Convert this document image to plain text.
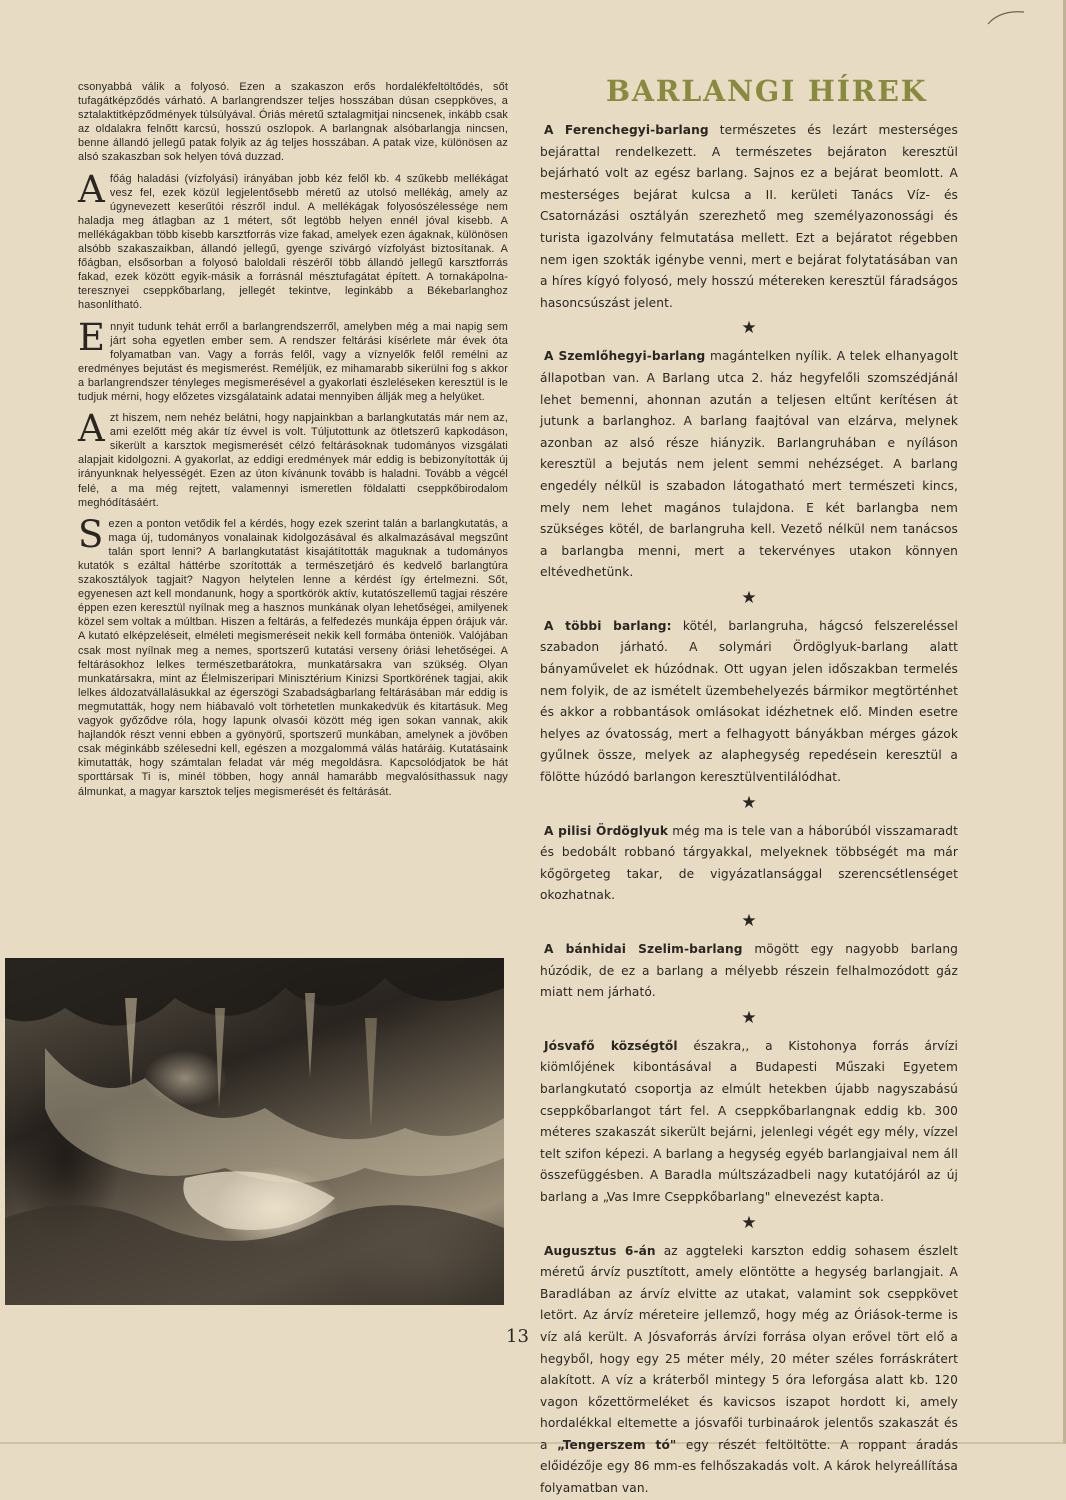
csonyabbá válik a folyosó. Ezen a szakaszon erős hordalékfeltöltődés, sőt tufagátképződés várható. A barlangrendszer teljes hosszában dúsan cseppköves, a sztalaktitképződmények túlsúlyával. Óriás méretű sztalagmitjai nincsenek, inkább csak az oldalakra felnőtt karcsú, hosszú oszlopok. A barlangnak alsóbarlangja nincsen, benne állandó jellegű patak folyik az ág teljes hosszában. A patak vize, különösen az alsó szakaszban sok helyen tóvá duzzad.

A főág haladási (vízfolyási) irányában jobb kéz felől kb. 4 szűkebb mellékágat vesz fel, ezek közül legjelentősebb méretű az utolsó mellékág, amely az úgynevezett keserűtói részről indul. A mellékágak folyosószélessége nem haladja meg átlagban az 1 métert, sőt legtöbb helyen ennél jóval kisebb. A mellékágakban több kisebb karsztforrás vize fakad, amelyek ezen ágaknak, különösen alsóbb szakaszaikban, állandó jellegű, gyenge szivárgó vízfolyást biztosítanak. A főágban, elsősorban a folyosó baloldali részéről több állandó jellegű karsztforrás fakad, ezek között egyik-másik a forrásnál mésztufagátat épített. A tornakápolna-teresznyei cseppkőbarlang, jellegét tekintve, leginkább a Békebarlanghoz hasonlítható.

Ennyit tudunk tehát erről a barlangrendszerről, amelyben még a mai napig sem járt soha egyetlen ember sem. A rendszer feltárási kísérlete már évek óta folyamatban van. Vagy a forrás felől, vagy a víznyelők felől remélni az eredményes bejutást és megismerést. Reméljük, ez mihamarabb sikerülni fog s akkor a barlangrendszer tényleges megismerésével a gyakorlati észleléseken keresztül is le tudjuk mérni, hogy előzetes vizsgálataink adatai mennyiben állják meg a helyüket.

Azt hiszem, nem nehéz belátni, hogy napjainkban a barlangkutatás már nem az, ami ezelőtt még akár tíz évvel is volt. Túljutottunk az ötletszerű kapkodáson, sikerült a karsztok megismerését célzó feltárásoknak tudományos vizsgálati alapjait kidolgozni. A gyakorlat, az eddigi eredmények már eddig is bebizonyították új irányunknak helyességét. Ezen az úton kívánunk tovább is haladni. Tovább a végcél felé, a ma még rejtett, valamennyi ismeretlen földalatti cseppkőbirodalom meghódításáért.

Sezen a ponton vetődik fel a kérdés, hogy ezek szerint talán a barlangkutatás, a maga új, tudományos vonalainak kidolgozásával és alkalmazásával megszűnt talán sport lenni? A barlangkutatást kisajátították maguknak a tudományos kutatók s ezáltal háttérbe szorították a természetjáró és kedvelő barlangtúra szakosztályok tagjait? Nagyon helytelen lenne a kérdést így értelmezni. Sőt, egyenesen azt kell mondanunk, hogy a sportkörök aktív, kutatószellemű tagjai részére éppen ezen keresztül nyílnak meg a hasznos munkának olyan lehetőségei, amilyenek közel sem voltak a múltban. Hiszen a feltárás, a felfedezés munkája éppen órájuk vár. A kutató elképzeléseit, elméleti megismeréseit nekik kell formába önteniök. Valójában csak most nyílnak meg a nemes, sportszerű kutatási verseny óriási lehetőségei. A feltárásokhoz lelkes természetbarátokra, munkatársakra van szükség. Olyan munkatársakra, mint az Élelmiszeripari Minisztérium Kinizsi Sportkörének tagjai, akik lelkes áldozatvállalásukkal az égerszögi Szabadságbarlang feltárásában már eddig is megmutatták, hogy nem hiábavaló volt törhetetlen munkakedvük és kitartásuk. Meg vagyok győződve róla, hogy lapunk olvasói között még igen sokan vannak, akik hajlandók részt venni ebben a gyönyörű, sportszerű munkában, amelynek a jövőben csak méginkább szélesedni kell, egészen a mozgalommá válás határáig. Kutatásaink kimutatták, hogy számtalan feladat vár még megoldásra. Kapcsolódjatok be hát sporttársak Ti is, minél többen, hogy annál hamarább megvalósíthassuk nagy álmunkat, a magyar karsztok teljes megismerését és feltárását.

BARLANGI HÍREK

A Ferenchegyi-barlang természetes és lezárt mesterséges bejárattal rendelkezett. A természetes bejáraton keresztül bejárható volt az egész barlang. Sajnos ez a bejárat beomlott. A mesterséges bejárat kulcsa a II. kerületi Tanács Víz- és Csatornázási osztályán szerezhető meg személyazonossági és turista igazolvány felmutatása mellett. Ezt a bejáratot régebben nem igen szokták igénybe venni, mert e bejárat folytatásában van a híres kígyó folyosó, mely hosszú métereken keresztül fáradságos hasoncsúszást jelent.

★

A Szemlőhegyi-barlang magántelken nyílik. A telek elhanyagolt állapotban van. A Barlang utca 2. ház hegyfelőli szomszédjánál lehet bemenni, ahonnan azután a teljesen eltűnt kerítésen át jutunk a barlanghoz. A barlang faajtóval van elzárva, melynek azonban az alsó része hiányzik. Barlangruhában e nyíláson keresztül a bejutás nem jelent semmi nehézséget. A barlang engedély nélkül is szabadon látogatható mert természeti kincs, mely nem lehet magános tulajdona. E két barlangba nem szükséges kötél, de barlangruha kell. Vezető nélkül nem tanácsos a barlangba menni, mert a tekervényes utakon könnyen eltévedhetünk.

★

A többi barlang: kötél, barlangruha, hágcsó felszereléssel szabadon járható. A solymári Ördöglyuk-barlang alatt bányaművelet ek húzódnak. Ott ugyan jelen időszakban termelés nem folyik, de az ismételt üzembehelyezés bármikor megtörténhet és akkor a robbantások omlásokat idézhetnek elő. Minden esetre helyes az óvatosság, mert a felhagyott bányákban mérges gázok gyűlnek össze, melyek az alaphegység repedésein keresztül a fölötte húzódó barlangon keresztülventilálódhat.

★

A pilisi Ördöglyuk még ma is tele van a háborúból visszamaradt és bedobált robbanó tárgyakkal, melyeknek többségét ma már kőgörgeteg takar, de vigyázatlansággal szerencsétlenséget okozhatnak.

★

A bánhidai Szelim-barlang mögött egy nagyobb barlang húzódik, de ez a barlang a mélyebb részein felhalmozódott gáz miatt nem járható.

★

Jósvafő községtől északra,, a Kistohonya forrás árvízi kiömlőjének kibontásával a Budapesti Műszaki Egyetem barlangkutató csoportja az elmúlt hetekben újabb nagyszabású cseppkőbarlangot tárt fel. A cseppkőbarlangnak eddig kb. 300 méteres szakaszát sikerült bejárni, jelenlegi végét egy mély, vízzel telt szifon képezi. A barlang a hegység egyéb barlangjaival nem áll összefüggésben. A Baradla múltszázadbeli nagy kutatójáról az új barlang a „Vas Imre Cseppkőbarlang" elnevezést kapta.

★

Augusztus 6-án az aggteleki karszton eddig sohasem észlelt méretű árvíz pusztított, amely elöntötte a hegység barlangjait. A Baradlában az árvíz elvitte az utakat, valamint sok cseppkövet letört. Az árvíz méreteire jellemző, hogy még az Óriások-terme is víz alá került. A Jósvaforrás árvízi forrása olyan erővel tört elő a hegyből, hogy egy 25 méter mély, 20 méter széles forráskrátert alakított. A víz a kráterből mintegy 5 óra leforgása alatt kb. 120 vagon kőzettörmeléket és kavicsos iszapot hordott ki, amely hordalékkal eltemette a jósvafői turbinaárok jelentős szakaszát és a „Tengerszem tó" egy részét feltöltötte. A roppant áradás előidézője egy 86 mm-es felhőszakadás volt. A károk helyreállítása folyamatban van.

13
